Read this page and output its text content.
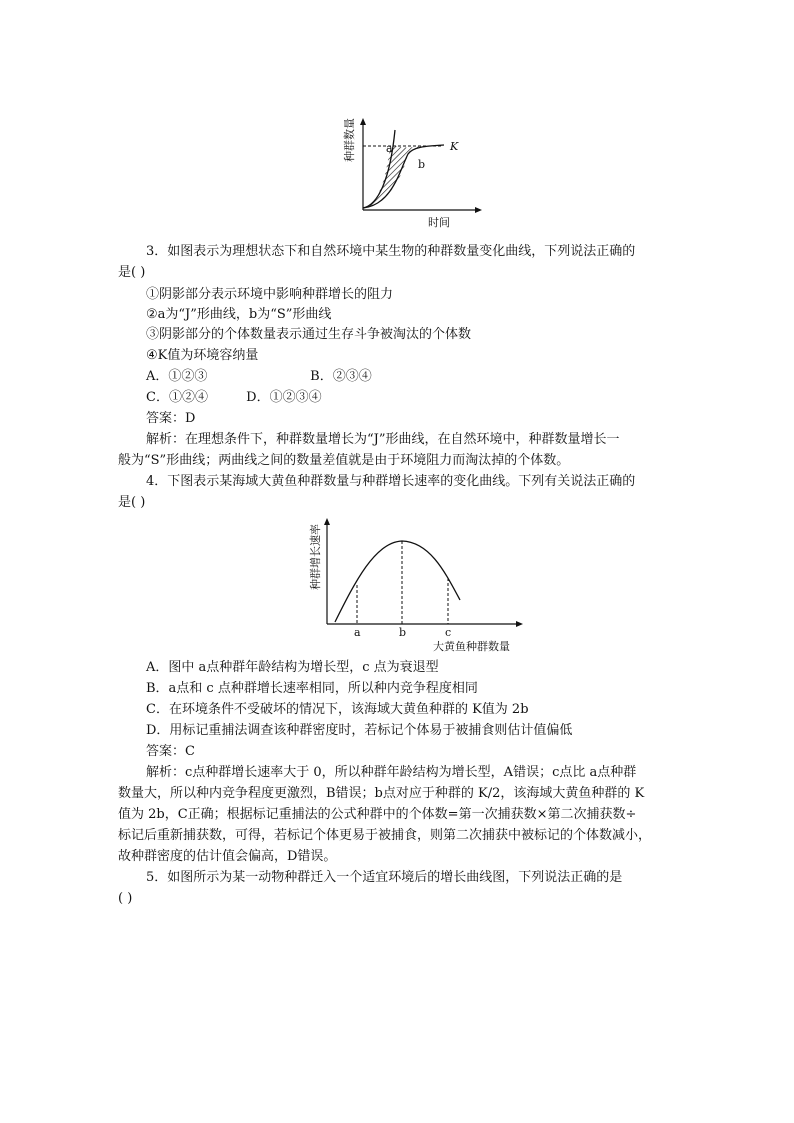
K
a
b
时间
种群数量
3．如图表示为理想状态下和自然环境中某生物的种群数量变化曲线，下列说法正确的
是( )
①阴影部分表示环境中影响种群增长的阻力
②a为“J”形曲线，b为“S”形曲线
③阴影部分的个体数量表示通过生存斗争被淘汰的个体数
④K值为环境容纳量
A．①②③	B．②③④
C．①②④	D．①②③④
答案：D
解析：在理想条件下，种群数量增长为“J”形曲线，在自然环境中，种群数量增长一
般为“S”形曲线；两曲线之间的数量差值就是由于环境阻力而淘汰掉的个体数。
4．下图表示某海域大黄鱼种群数量与种群增长速率的变化曲线。下列有关说法正确的
是( )
a	b	c
大黄鱼种群数量
种群增长速率
A．图中 a点种群年龄结构为增长型，c 点为衰退型
B．a点和 c 点种群增长速率相同，所以种内竞争程度相同
C．在环境条件不受破坏的情况下，该海域大黄鱼种群的 K值为 2b
D．用标记重捕法调查该种群密度时，若标记个体易于被捕食则估计值偏低
答案：C
解析：c点种群增长速率大于 0，所以种群年龄结构为增长型，A错误；c点比 a点种群
数量大，所以种内竞争程度更激烈，B错误；b点对应于种群的 K/2，该海域大黄鱼种群的 K
值为 2b，C正确；根据标记重捕法的公式种群中的个体数=第一次捕获数×第二次捕获数÷
标记后重新捕获数，可得，若标记个体更易于被捕食，则第二次捕获中被标记的个体数减小，
故种群密度的估计值会偏高，D错误。
5．如图所示为某一动物种群迁入一个适宜环境后的增长曲线图，下列说法正确的是
( )
